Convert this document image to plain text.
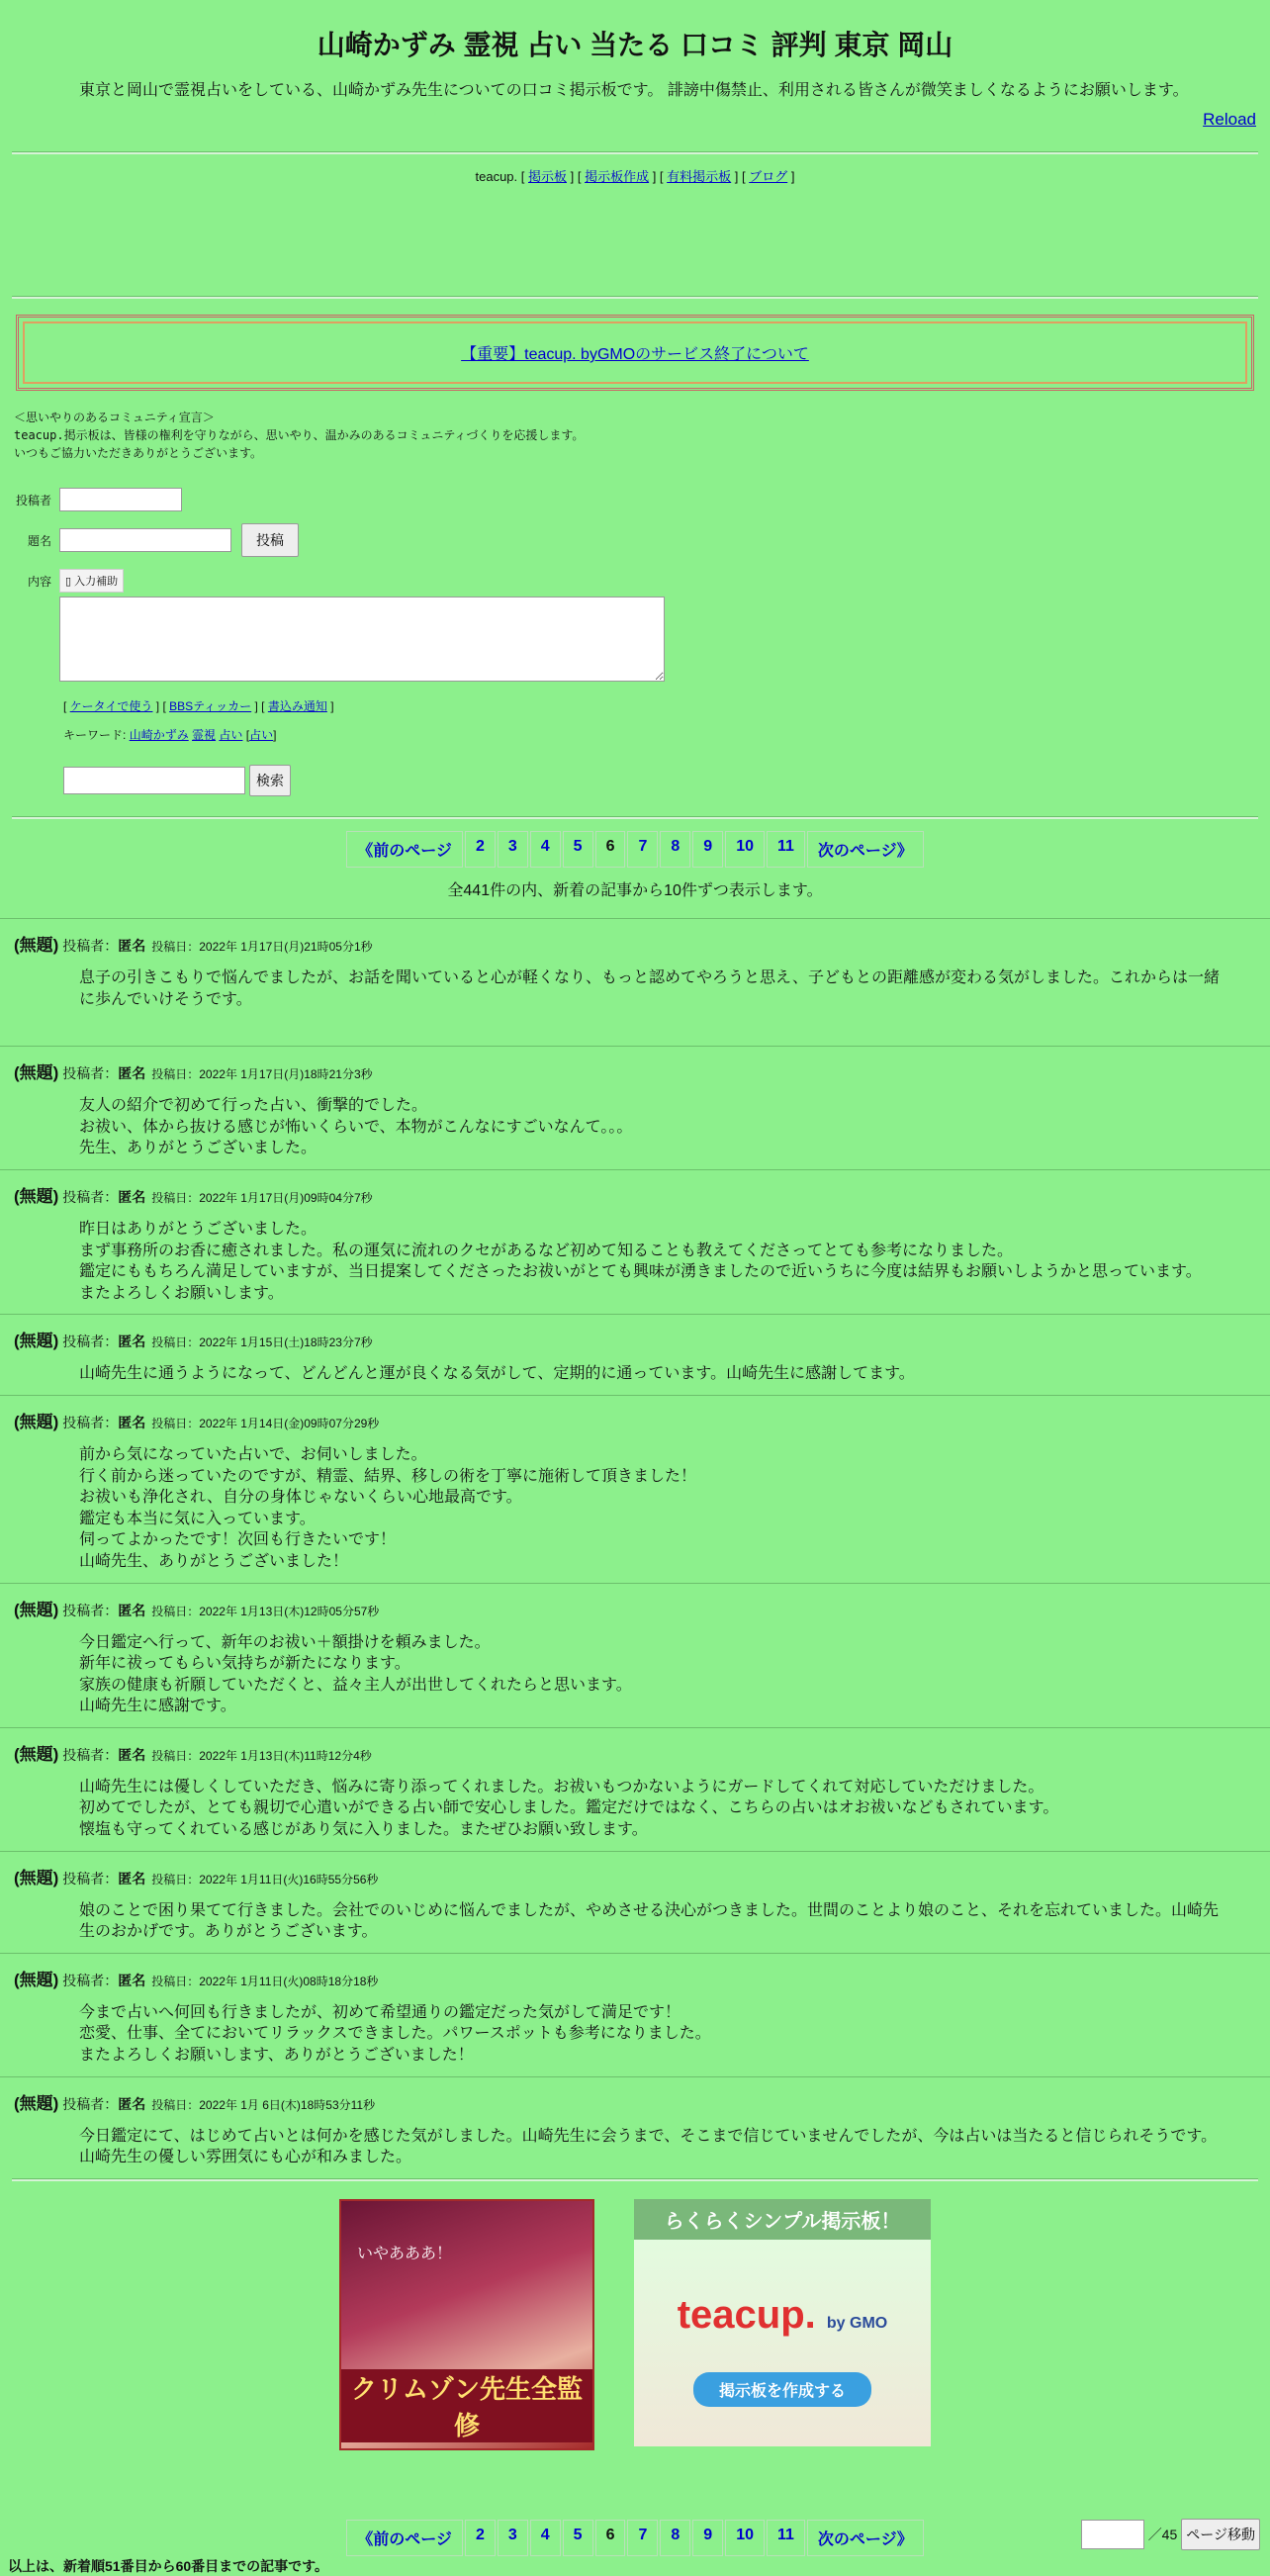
山崎かずみ 霊視 占い 当たる 口コミ 評判 東京 岡山
東京と岡山で霊視占いをしている、山崎かずみ先生についての口コミ掲示板です。 誹謗中傷禁止、利用される皆さんが微笑ましくなるようにお願いします。
Reload
teacup. [ 掲示板 ] [ 掲示板作成 ] [ 有料掲示板 ] [ ブログ ]
【重要】teacup. byGMOのサービス終了について
＜思いやりのあるコミュニティ宣言＞
teacup.掲示板は、皆様の権利を守りながら、思いやり、温かみのあるコミュニティづくりを応援します。
いつもご協力いただきありがとうございます。
投稿者
題名	投稿
内容	▯ 入力補助
[ ケータイで使う ] [ BBSティッカー ] [ 書込み通知 ]
キーワード: 山崎かずみ 霊視 占い [占い]
検索
《前のページ	2	3	4	5	6	7	8	9	10	11	次のページ》
全441件の内、新着の記事から10件ずつ表示します。
(無題) 投稿者：匿名 投稿日：2022年 1月17日(月)21時05分1秒
息子の引きこもりで悩んでましたが、お話を聞いていると心が軽くなり、もっと認めてやろうと思え、子どもとの距離感が変わる気がしました。これからは一緒に歩んでいけそうです。
(無題) 投稿者：匿名 投稿日：2022年 1月17日(月)18時21分3秒
友人の紹介で初めて行った占い、衝撃的でした。
お祓い、体から抜ける感じが怖いくらいで、本物がこんなにすごいなんて。。。
先生、ありがとうございました。
(無題) 投稿者：匿名 投稿日：2022年 1月17日(月)09時04分7秒
昨日はありがとうございました。
まず事務所のお香に癒されました。私の運気に流れのクセがあるなど初めて知ることも教えてくださってとても参考になりました。
鑑定にももちろん満足していますが、当日提案してくださったお祓いがとても興味が湧きましたので近いうちに今度は結界もお願いしようかと思っています。
またよろしくお願いします。
(無題) 投稿者：匿名 投稿日：2022年 1月15日(土)18時23分7秒
山崎先生に通うようになって、どんどんと運が良くなる気がして、定期的に通っています。山崎先生に感謝してます。
(無題) 投稿者：匿名 投稿日：2022年 1月14日(金)09時07分29秒
前から気になっていた占いで、お伺いしました。
行く前から迷っていたのですが、精霊、結界、移しの術を丁寧に施術して頂きました！
お祓いも浄化され、自分の身体じゃないくらい心地最高です。
鑑定も本当に気に入っています。
伺ってよかったです！次回も行きたいです！
山崎先生、ありがとうございました！
(無題) 投稿者：匿名 投稿日：2022年 1月13日(木)12時05分57秒
今日鑑定へ行って、新年のお祓い＋額掛けを頼みました。
新年に祓ってもらい気持ちが新たになります。
家族の健康も祈願していただくと、益々主人が出世してくれたらと思います。
山崎先生に感謝です。
(無題) 投稿者：匿名 投稿日：2022年 1月13日(木)11時12分4秒
山崎先生には優しくしていただき、悩みに寄り添ってくれました。お祓いもつかないようにガードしてくれて対応していただけました。
初めてでしたが、とても親切で心遣いができる占い師で安心しました。鑑定だけではなく、こちらの占いはオお祓いなどもされています。
懐塩も守ってくれている感じがあり気に入りました。またぜひお願い致します。
(無題) 投稿者：匿名 投稿日：2022年 1月11日(火)16時55分56秒
娘のことで困り果てて行きました。会社でのいじめに悩んでましたが、やめさせる決心がつきました。世間のことより娘のこと、それを忘れていました。山崎先生のおかげです。ありがとうございます。
(無題) 投稿者：匿名 投稿日：2022年 1月11日(火)08時18分18秒
今まで占いへ何回も行きましたが、初めて希望通りの鑑定だった気がして満足です！
恋愛、仕事、全てにおいてリラックスできました。パワースポットも参考になりました。
またよろしくお願いします、ありがとうございました！
(無題) 投稿者：匿名 投稿日：2022年 1月 6日(木)18時53分11秒
今日鑑定にて、はじめて占いとは何かを感じた気がしました。山崎先生に会うまで、そこまで信じていませんでしたが、今は占いは当たると信じられそうです。
山崎先生の優しい雰囲気にも心が和みました。
いやあああ！
クリムゾン先生全監修
らくらくシンプル掲示板！
teacup. by GMO
掲示板を作成する
《前のページ	2	3	4	5	6	7	8	9	10	11	次のページ》
以上は、新着順51番目から60番目までの記事です。
／45 ページ移動
